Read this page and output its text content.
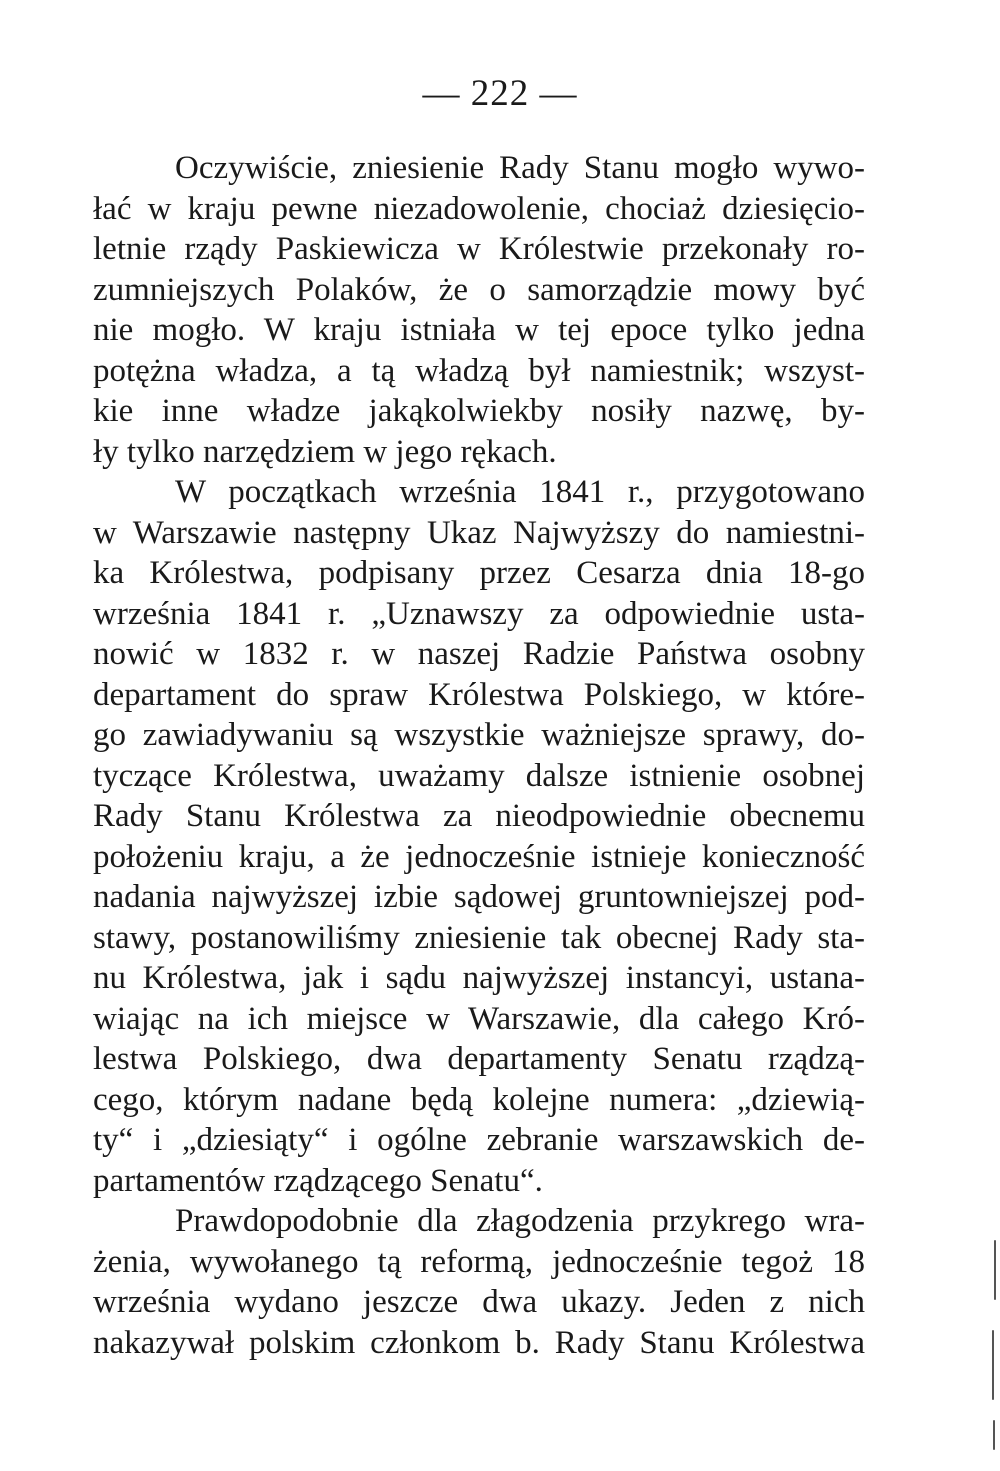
— 222 —
Oczywiście, zniesienie Rady Stanu mogło wywo-
łać w kraju pewne niezadowolenie, chociaż dziesięcio-
letnie rządy Paskiewicza w Królestwie przekonały ro-
zumniejszych Polaków, że o samorządzie mowy być
nie mogło. W kraju istniała w tej epoce tylko jedna
potężna władza, a tą władzą był namiestnik; wszyst-
kie inne władze jakąkolwiekby nosiły nazwę, by-
ły tylko narzędziem w jego rękach.
W początkach września 1841 r., przygotowano
w Warszawie następny Ukaz Najwyższy do namiestni-
ka Królestwa, podpisany przez Cesarza dnia 18-go
września 1841 r. „Uznawszy za odpowiednie usta-
nowić w 1832 r. w naszej Radzie Państwa osobny
departament do spraw Królestwa Polskiego, w które-
go zawiadywaniu są wszystkie ważniejsze sprawy, do-
tyczące Królestwa, uważamy dalsze istnienie osobnej
Rady Stanu Królestwa za nieodpowiednie obecnemu
położeniu kraju, a że jednocześnie istnieje konieczność
nadania najwyższej izbie sądowej gruntowniejszej pod-
stawy, postanowiliśmy zniesienie tak obecnej Rady sta-
nu Królestwa, jak i sądu najwyższej instancyi, ustana-
wiając na ich miejsce w Warszawie, dla całego Kró-
lestwa Polskiego, dwa departamenty Senatu rządzą-
cego, którym nadane będą kolejne numera: „dziewią-
ty“ i „dziesiąty“ i ogólne zebranie warszawskich de-
partamentów rządzącego Senatu“.
Prawdopodobnie dla złagodzenia przykrego wra-
żenia, wywołanego tą reformą, jednocześnie tegoż 18
września wydano jeszcze dwa ukazy. Jeden z nich
nakazywał polskim członkom b. Rady Stanu Królestwa
